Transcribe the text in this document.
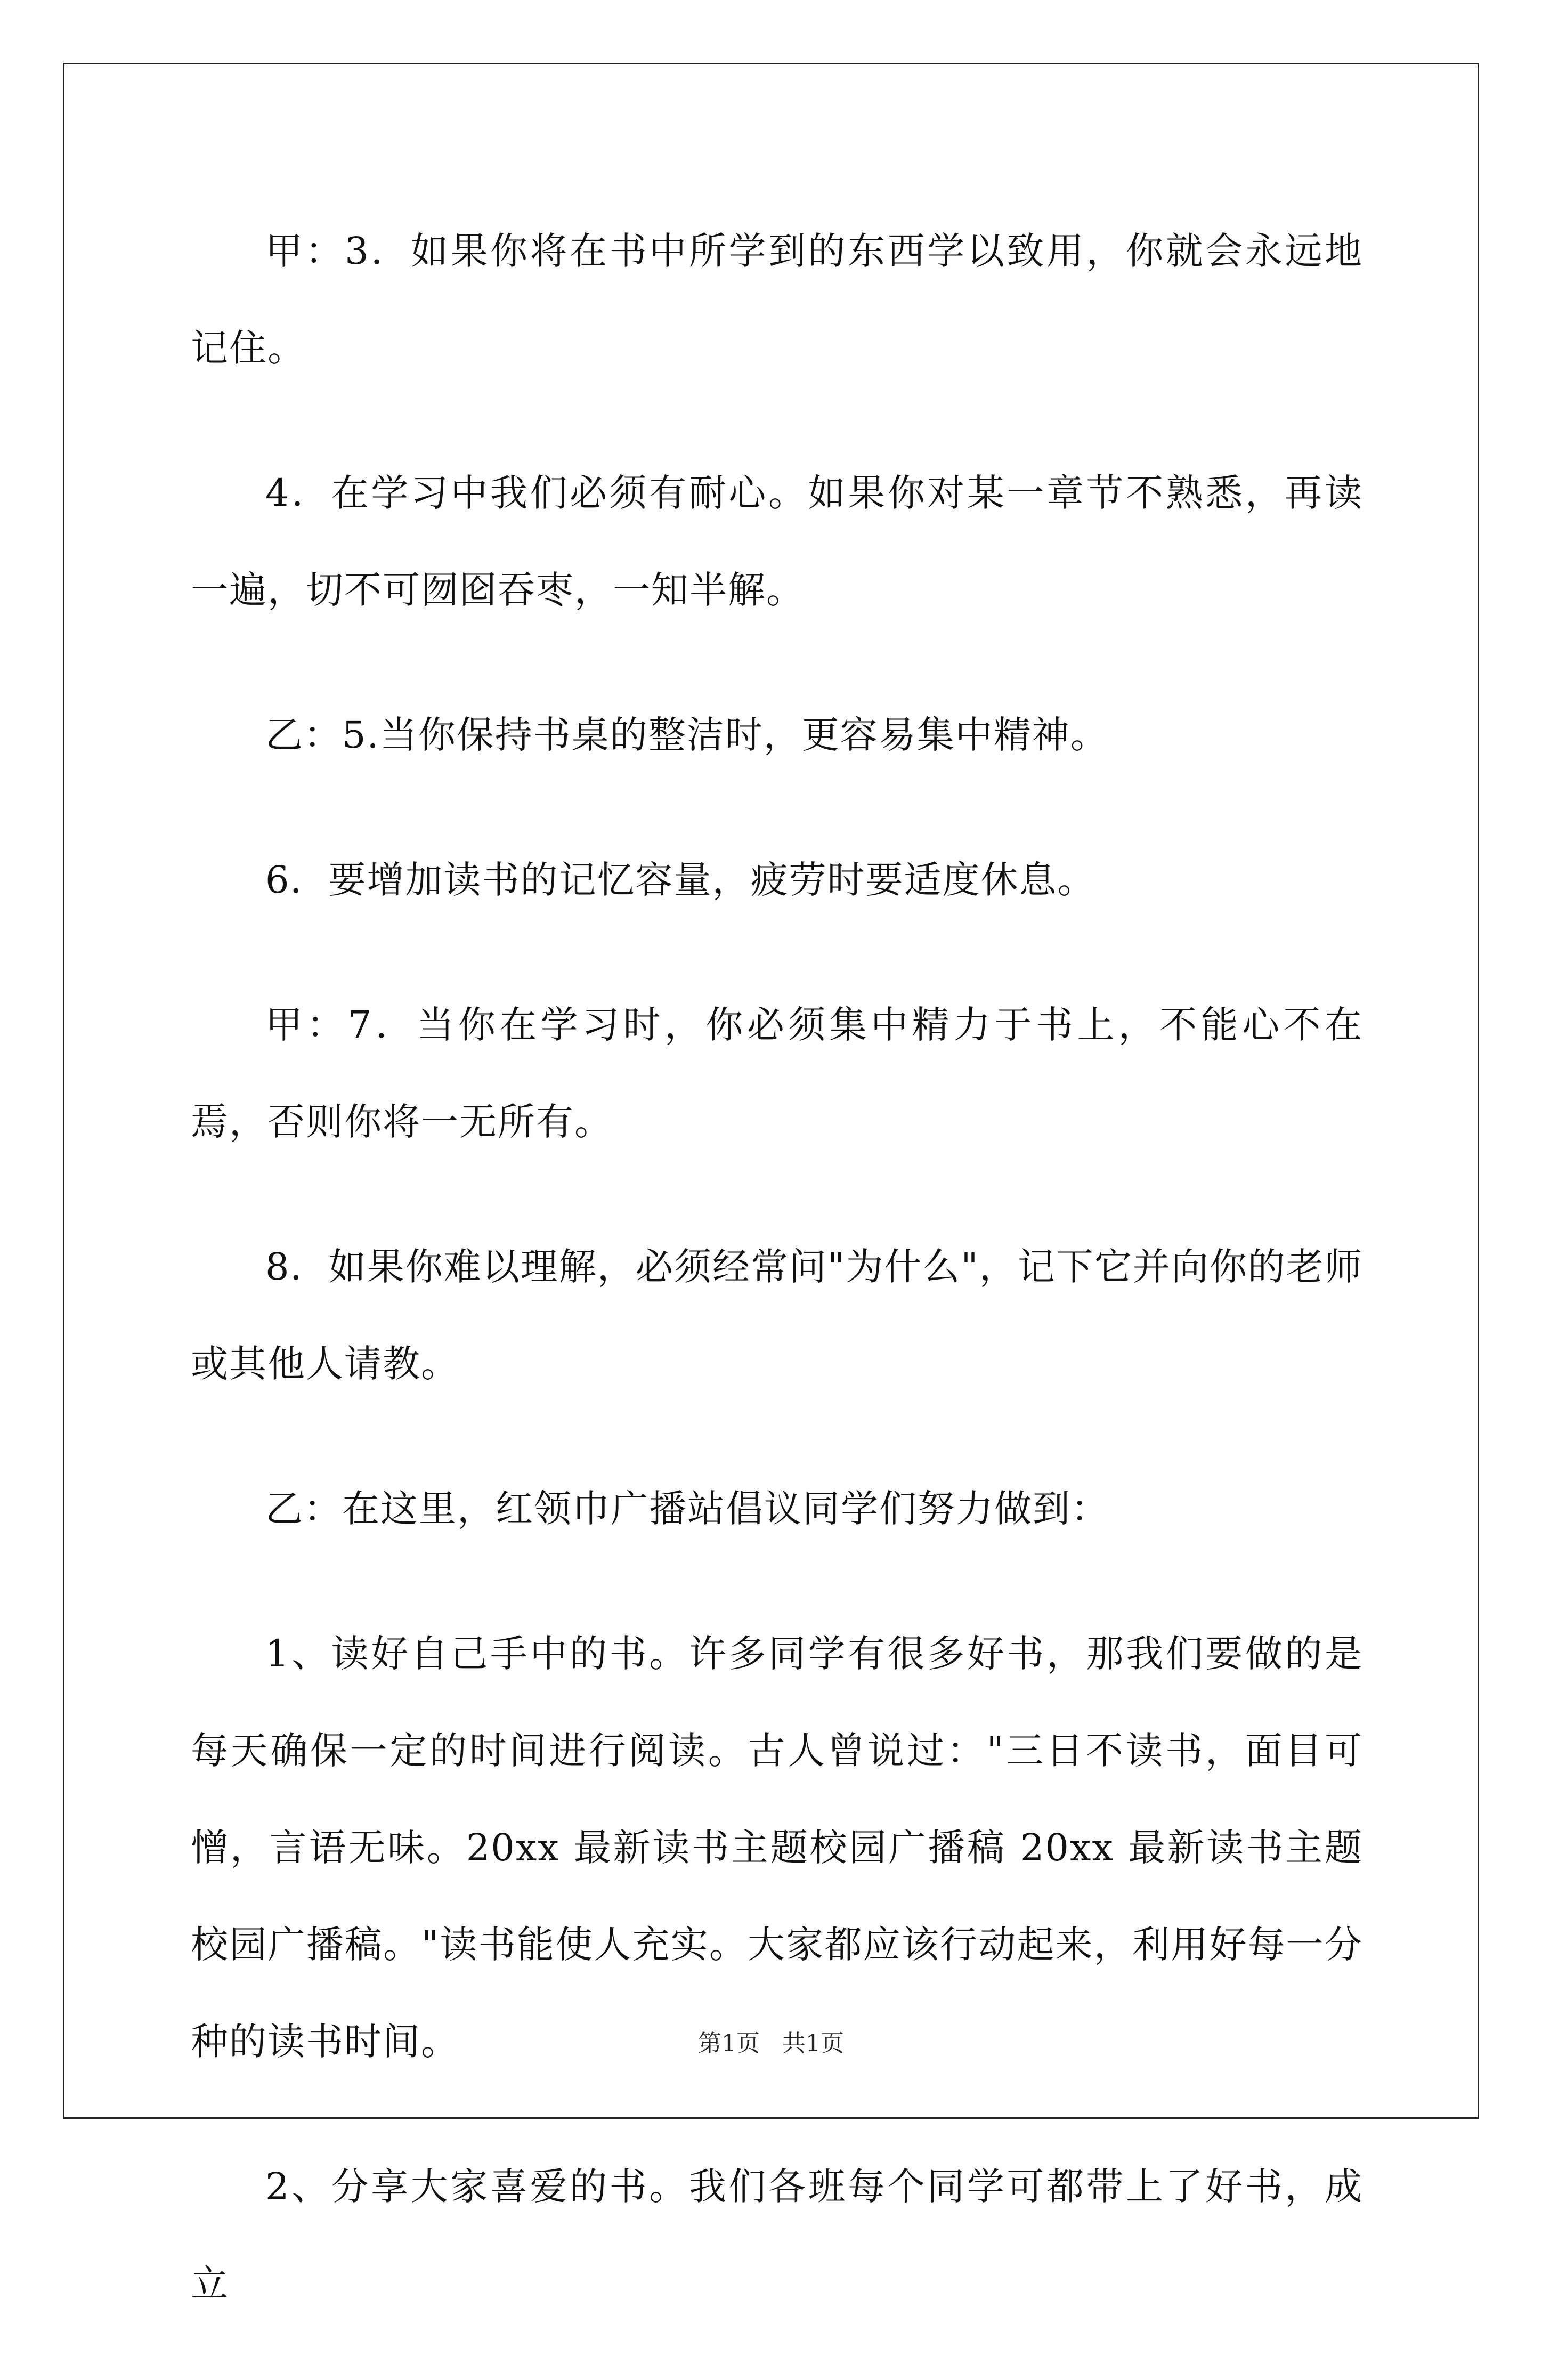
甲：3．如果你将在书中所学到的东西学以致用，你就会永远地记住。

4．在学习中我们必须有耐心。如果你对某一章节不熟悉，再读一遍，切不可囫囵吞枣，一知半解。

乙：5.当你保持书桌的整洁时，更容易集中精神。

6．要增加读书的记忆容量，疲劳时要适度休息。

甲：7．当你在学习时，你必须集中精力于书上，不能心不在焉，否则你将一无所有。

8．如果你难以理解，必须经常问"为什么"，记下它并向你的老师或其他人请教。

乙：在这里，红领巾广播站倡议同学们努力做到：

1、读好自己手中的书。许多同学有很多好书，那我们要做的是每天确保一定的时间进行阅读。古人曾说过："三日不读书，面目可憎，言语无味。20xx 最新读书主题校园广播稿 20xx 最新读书主题校园广播稿。"读书能使人充实。大家都应该行动起来，利用好每一分种的读书时间。

2、分享大家喜爱的书。我们各班每个同学可都带上了好书，成立

第1页 共1页
